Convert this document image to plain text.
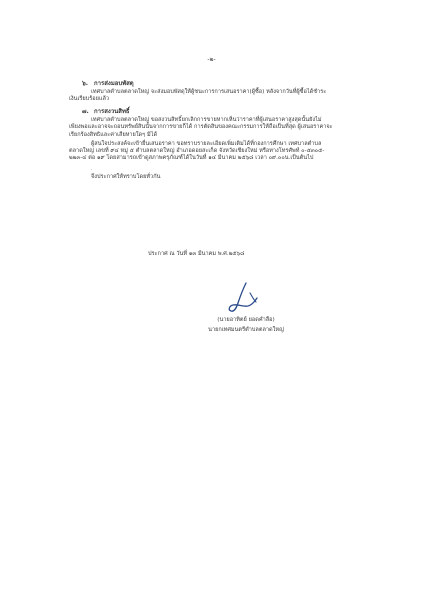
-๒-
๖. การส่งมอบพัสดุ
เทศบาลตำบลตลาดใหญ่ จะส่งมอบพัสดุให้ผู้ชนะการการเสนอราคา(ผู้ซื้อ) หลังจากวันที่ผู้ซื้อได้ชำระ
เงินเรียบร้อยแล้ว
๗. การสงวนสิทธิ์
เทศบาลตำบลตลาดใหญ่ ขอสงวนสิทธิ์ยกเลิกการขายหากเห็นว่าราคาที่ผู้เสนอราคาสูงสุดนั้นยังไม่
เพียงพอและอาจจะถอนทรัพย์สินนั้นจากการขายก็ได้ การตัดสินของคณะกรรมการให้ถือเป็นที่สุด ผู้เสนอราคาจะ
เรียกร้องสิทธิและค่าเสียหายใดๆ มิได้
ผู้สนใจประสงค์จะเข้ายื่นเสนอราคา ขอทราบรายละเอียดเพิ่มเติมได้ที่กองการศึกษา เทศบาลตำบล
ตลาดใหญ่ เลขที่ ๙๔ หมู่ ๕ ตำบลตลาดใหญ่ อำเภอดอยสะเก็ด จังหวัดเชียงใหม่ หรือทางโทรศัพท์ ๐-๕๓๐๕-
๒๒๓-๔ ต่อ ๑๙ โดยสามารถเข้าดูสภาพครุภัณฑ์ได้ในวันที่ ๑๔ มีนาคม ๒๕๖๘ เวลา ๐๙.๐๐น.เป็นต้นไป
.
จึงประกาศให้ทราบโดยทั่วกัน
ประกาศ ณ วันที่ ๑๓ มีนาคม พ.ศ.๒๕๖๘
(นายอาทิตย์ ยอดคำลือ)
นายกเทศมนตรีตำบลตลาดใหญ่
